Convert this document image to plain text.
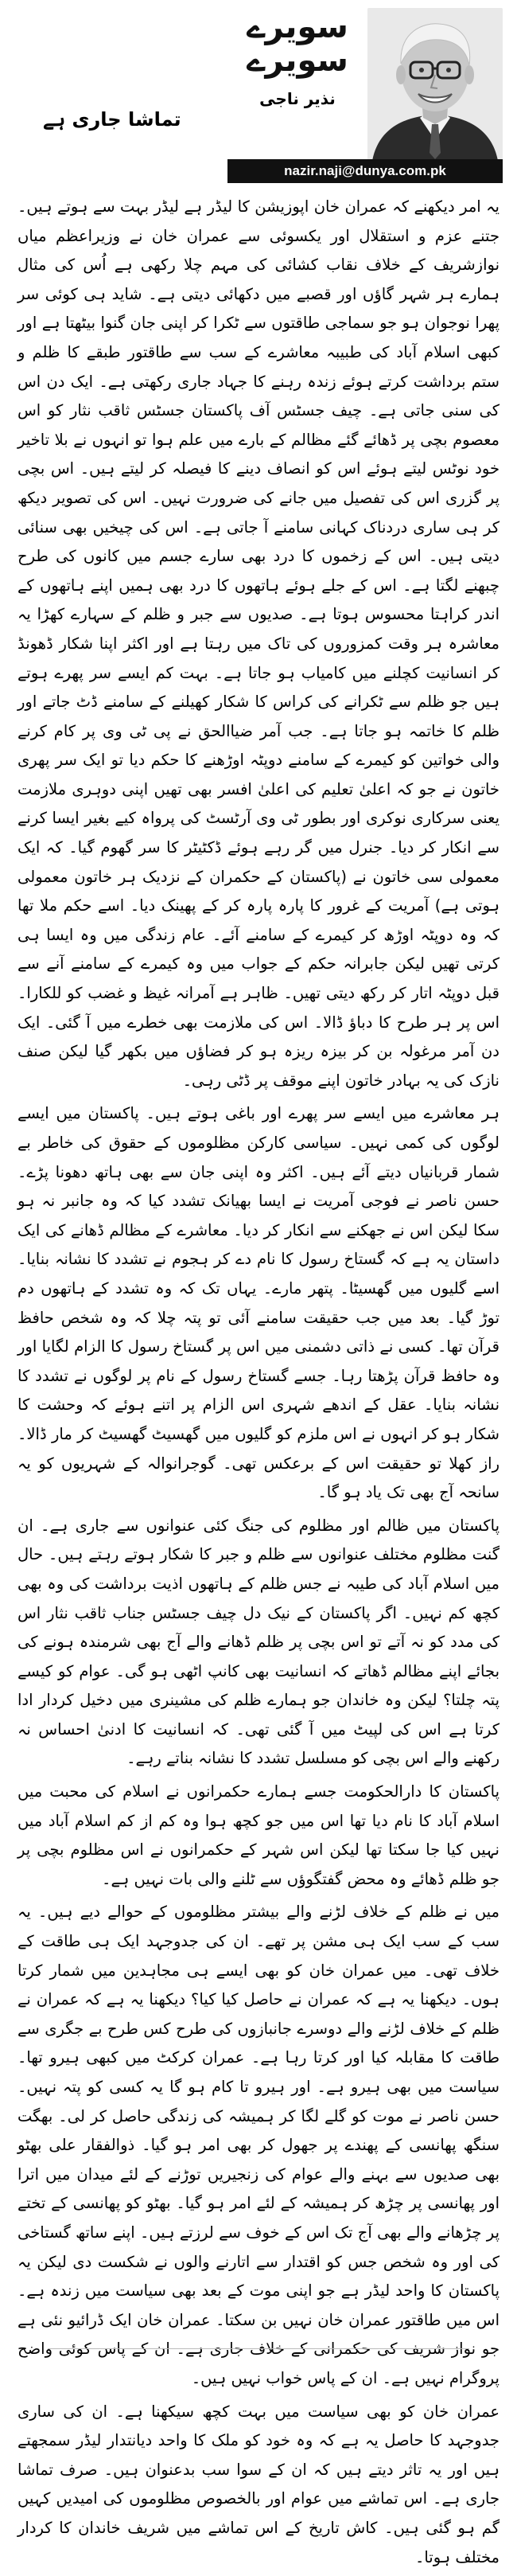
تماشا جاری ہے
سویرے
سویرے
نذیر ناجی
nazir.naji@dunya.com.pk

یہ امر دیکھنے کہ عمران خان اپوزیشن کا لیڈر ہے لیڈر بہت سے ہوتے ہیں۔ جتنے عزم و استقلال اور یکسوئی سے عمران خان نے وزیراعظم میاں نوازشریف کے خلاف نقاب کشائی کی مہم چلا رکھی ہے اُس کی مثال ہمارے ہر شہر گاؤں اور قصبے میں دکھائی دیتی ہے۔ شاید ہی کوئی سر پھرا نوجوان ہو جو سماجی طاقتوں سے ٹکرا کر اپنی جان گنوا بیٹھتا ہے اور کبھی اسلام آباد کی طبیبہ معاشرے کے سب سے طاقتور طبقے کا ظلم و ستم برداشت کرتے ہوئے زندہ رہنے کا جہاد جاری رکھتی ہے۔ ایک دن اس کی سنی جاتی ہے۔ چیف جسٹس آف پاکستان جسٹس ثاقب نثار کو اس معصوم بچی پر ڈھائے گئے مظالم کے بارے میں علم ہوا تو انہوں نے بلا تاخیر خود نوٹس لیتے ہوئے اس کو انصاف دینے کا فیصلہ کر لیتے ہیں۔ اس بچی پر گزری اس کی تفصیل میں جانے کی ضرورت نہیں۔ اس کی تصویر دیکھ کر ہی ساری دردناک کہانی سامنے آ جاتی ہے۔ اس کی چیخیں بھی سنائی دیتی ہیں۔ اس کے زخموں کا درد بھی سارے جسم میں کانوں کی طرح چبھنے لگتا ہے۔ اس کے جلے ہوئے ہاتھوں کا درد بھی ہمیں اپنے ہاتھوں کے اندر کراہتا محسوس ہوتا ہے۔ صدیوں سے جبر و ظلم کے سہارے کھڑا یہ معاشرہ ہر وقت کمزوروں کی تاک میں رہتا ہے اور اکثر اپنا شکار ڈھونڈ کر انسانیت کچلنے میں کامیاب ہو جاتا ہے۔ بہت کم ایسے سر پھرے ہوتے ہیں جو ظلم سے ٹکرانے کی کراس کا شکار کھیلنے کے سامنے ڈٹ جاتے اور ظلم کا خاتمہ ہو جاتا ہے۔ جب آمر ضیاالحق نے پی ٹی وی پر کام کرنے والی خواتین کو کیمرے کے سامنے دوپٹہ اوڑھنے کا حکم دیا تو ایک سر پھری خاتون نے جو کہ اعلیٰ تعلیم کی اعلیٰ افسر بھی تھیں اپنی دوہری ملازمت یعنی سرکاری نوکری اور بطور ٹی وی آرٹسٹ کی پرواہ کیے بغیر ایسا کرنے سے انکار کر دیا۔ جنرل میں گر رہے ہوئے ڈکٹیٹر کا سر گھوم گیا۔ کہ ایک معمولی سی خاتون نے (پاکستان کے حکمران کے نزدیک ہر خاتون معمولی ہوتی ہے) آمریت کے غرور کا پارہ پارہ کر کے پھینک دیا۔ اسے حکم ملا تھا کہ وہ دوپٹہ اوڑھ کر کیمرے کے سامنے آئے۔ عام زندگی میں وہ ایسا ہی کرتی تھیں لیکن جابرانہ حکم کے جواب میں وہ کیمرے کے سامنے آنے سے قبل دوپٹہ اتار کر رکھ دیتی تھیں۔ ظاہر ہے آمرانہ غیظ و غضب کو للکارا۔ اس پر ہر طرح کا دباؤ ڈالا۔ اس کی ملازمت بھی خطرے میں آ گئی۔ ایک دن آمر مرغولہ بن کر بیزہ ریزہ ہو کر فضاؤں میں بکھر گیا لیکن صنف نازک کی یہ بہادر خاتون اپنے موقف پر ڈٹی رہی۔

ہر معاشرے میں ایسے سر پھرے اور باغی ہوتے ہیں۔ پاکستان میں ایسے لوگوں کی کمی نہیں۔ سیاسی کارکن مظلوموں کے حقوق کی خاطر بے شمار قربانیاں دیتے آئے ہیں۔ اکثر وہ اپنی جان سے بھی ہاتھ دھونا پڑے۔ حسن ناصر نے فوجی آمریت نے ایسا بھیانک تشدد کیا کہ وہ جانبر نہ ہو سکا لیکن اس نے جھکنے سے انکار کر دیا۔ معاشرے کے مظالم ڈھانے کی ایک داستان یہ ہے کہ گستاخ رسول کا نام دے کر ہجوم نے تشدد کا نشانہ بنایا۔ اسے گلیوں میں گھسیٹا۔ پتھر مارے۔ یہاں تک کہ وہ تشدد کے ہاتھوں دم توڑ گیا۔ بعد میں جب حقیقت سامنے آئی تو پتہ چلا کہ وہ شخص حافظ قرآن تھا۔ کسی نے ذاتی دشمنی میں اس پر گستاخ رسول کا الزام لگایا اور وہ حافظ قرآن پڑھتا رہا۔ جسے گستاخ رسول کے نام پر لوگوں نے تشدد کا نشانہ بنایا۔ عقل کے اندھے شہری اس الزام پر اتنے ہوئے کہ وحشت کا شکار ہو کر انہوں نے اس ملزم کو گلیوں میں گھسیٹ گھسیٹ کر مار ڈالا۔ راز کھلا تو حقیقت اس کے برعکس تھی۔ گوجرانوالہ کے شہریوں کو یہ سانحہ آج بھی تک یاد ہو گا۔

پاکستان میں ظالم اور مظلوم کی جنگ کئی عنوانوں سے جاری ہے۔ ان گنت مظلوم مختلف عنوانوں سے ظلم و جبر کا شکار ہوتے رہتے ہیں۔ حال میں اسلام آباد کی طیبہ نے جس ظلم کے ہاتھوں اذیت برداشت کی وہ بھی کچھ کم نہیں۔ اگر پاکستان کے نیک دل چیف جسٹس جناب ثاقب نثار اس کی مدد کو نہ آتے تو اس بچی پر ظلم ڈھانے والے آج بھی شرمندہ ہونے کی بجائے اپنے مظالم ڈھاتے کہ انسانیت بھی کانپ اٹھی ہو گی۔ عوام کو کیسے پتہ چلتا؟ لیکن وہ خاندان جو ہمارے ظلم کی مشینری میں دخیل کردار ادا کرتا ہے اس کی لپیٹ میں آ گئی تھی۔ کہ انسانیت کا ادنیٰ احساس نہ رکھنے والے اس بچی کو مسلسل تشدد کا نشانہ بناتے رہے۔

پاکستان کا دارالحکومت جسے ہمارے حکمرانوں نے اسلام کی محبت میں اسلام آباد کا نام دیا تھا اس میں جو کچھ ہوا وہ کم از کم اسلام آباد میں نہیں کیا جا سکتا تھا لیکن اس شہر کے حکمرانوں نے اس مظلوم بچی پر جو ظلم ڈھائے وہ محض گفتگوؤں سے ٹلنے والی بات نہیں ہے۔

میں نے ظلم کے خلاف لڑنے والے بیشتر مظلوموں کے حوالے دیے ہیں۔ یہ سب کے سب ایک ہی مشن پر تھے۔ ان کی جدوجہد ایک ہی طاقت کے خلاف تھی۔ میں عمران خان کو بھی ایسے ہی مجاہدین میں شمار کرتا ہوں۔ دیکھنا یہ ہے کہ عمران نے حاصل کیا کیا؟ دیکھنا یہ ہے کہ عمران نے ظلم کے خلاف لڑنے والے دوسرے جانبازوں کی طرح کس طرح بے جگری سے طاقت کا مقابلہ کیا اور کرتا رہا ہے۔ عمران کرکٹ میں کبھی ہیرو تھا۔ سیاست میں بھی ہیرو ہے۔ اور ہیرو تا کام ہو گا یہ کسی کو پتہ نہیں۔ حسن ناصر نے موت کو گلے لگا کر ہمیشہ کی زندگی حاصل کر لی۔ بھگت سنگھ پھانسی کے پھندے پر جھول کر بھی امر ہو گیا۔ ذوالفقار علی بھٹو بھی صدیوں سے بہنے والے عوام کی زنجیریں توڑنے کے لئے میدان میں اترا اور پھانسی پر چڑھ کر ہمیشہ کے لئے امر ہو گیا۔ بھٹو کو پھانسی کے تختے پر چڑھانے والے بھی آج تک اس کے خوف سے لرزتے ہیں۔ اپنے ساتھ گستاخی کی اور وہ شخص جس کو اقتدار سے اتارنے والوں نے شکست دی لیکن یہ پاکستان کا واحد لیڈر ہے جو اپنی موت کے بعد بھی سیاست میں زندہ ہے۔ اس میں طاقتور عمران خان نہیں بن سکتا۔ عمران خان ایک ڈرائیو نئی ہے جو نواز شریف کی حکمرانی کے خلاف جاری ہے۔ ان کے پاس کوئی واضح پروگرام نہیں ہے۔ ان کے پاس خواب نہیں ہیں۔

عمران خان کو بھی سیاست میں بہت کچھ سیکھنا ہے۔ ان کی ساری جدوجہد کا حاصل یہ ہے کہ وہ خود کو ملک کا واحد دیانتدار لیڈر سمجھتے ہیں اور یہ تاثر دیتے ہیں کہ ان کے سوا سب بدعنوان ہیں۔ صرف تماشا جاری ہے۔ اس تماشے میں عوام اور بالخصوص مظلوموں کی امیدیں کہیں گم ہو گئی ہیں۔ کاش تاریخ کے اس تماشے میں شریف خاندان کا کردار مختلف ہوتا۔
